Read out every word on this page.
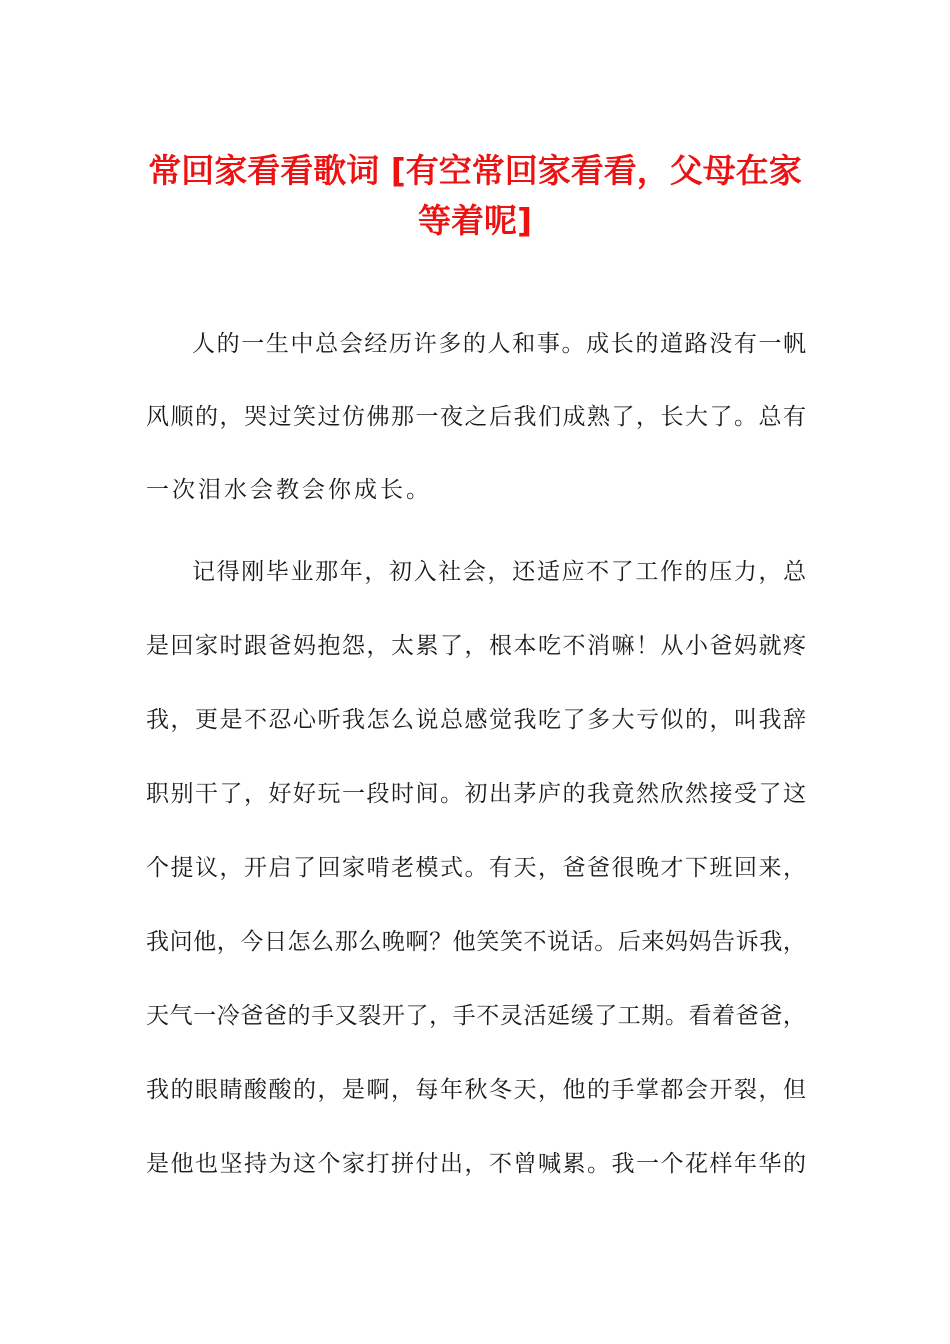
常回家看看歌词 [有空常回家看看，父母在家
等着呢]
人的一生中总会经历许多的人和事。成长的道路没有一帆
风顺的，哭过笑过仿佛那一夜之后我们成熟了，长大了。总有
一次泪水会教会你成长。
记得刚毕业那年，初入社会，还适应不了工作的压力，总
是回家时跟爸妈抱怨，太累了，根本吃不消嘛！从小爸妈就疼
我，更是不忍心听我怎么说总感觉我吃了多大亏似的，叫我辞
职别干了，好好玩一段时间。初出茅庐的我竟然欣然接受了这
个提议，开启了回家啃老模式。有天，爸爸很晚才下班回来，
我问他，今日怎么那么晚啊？他笑笑不说话。后来妈妈告诉我，
天气一冷爸爸的手又裂开了，手不灵活延缓了工期。看着爸爸，
我的眼睛酸酸的，是啊，每年秋冬天，他的手掌都会开裂，但
是他也坚持为这个家打拼付出，不曾喊累。我一个花样年华的
